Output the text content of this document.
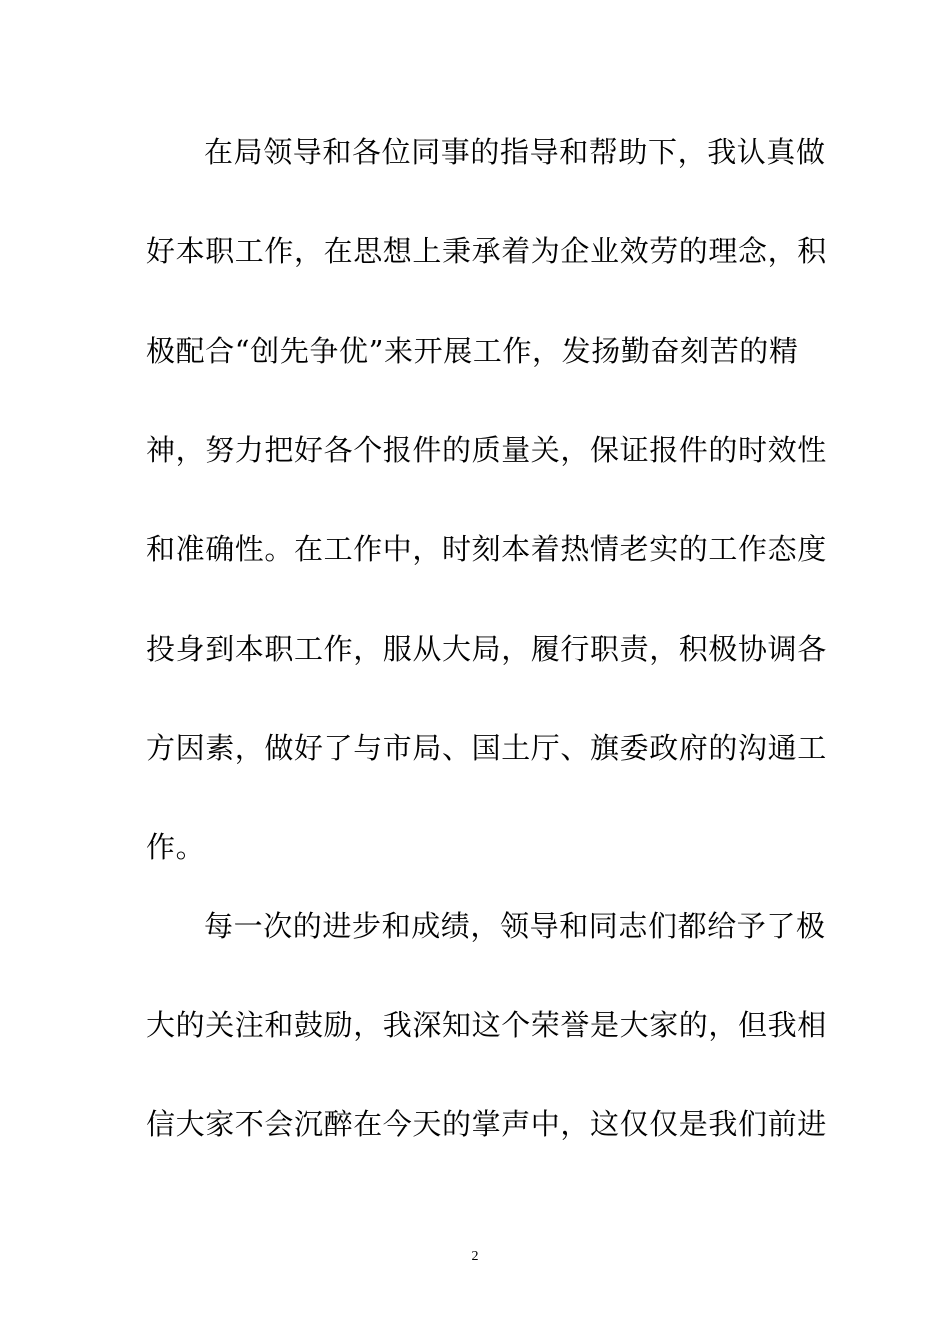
在局领导和各位同事的指导和帮助下，我认真做
好本职工作，在思想上秉承着为企业效劳的理念，积
极配合“创先争优”来开展工作，发扬勤奋刻苦的精
神，努力把好各个报件的质量关，保证报件的时效性
和准确性。在工作中，时刻本着热情老实的工作态度
投身到本职工作，服从大局，履行职责，积极协调各
方因素，做好了与市局、国土厅、旗委政府的沟通工
作。
每一次的进步和成绩，领导和同志们都给予了极
大的关注和鼓励，我深知这个荣誉是大家的，但我相
信大家不会沉醉在今天的掌声中，这仅仅是我们前进
2
